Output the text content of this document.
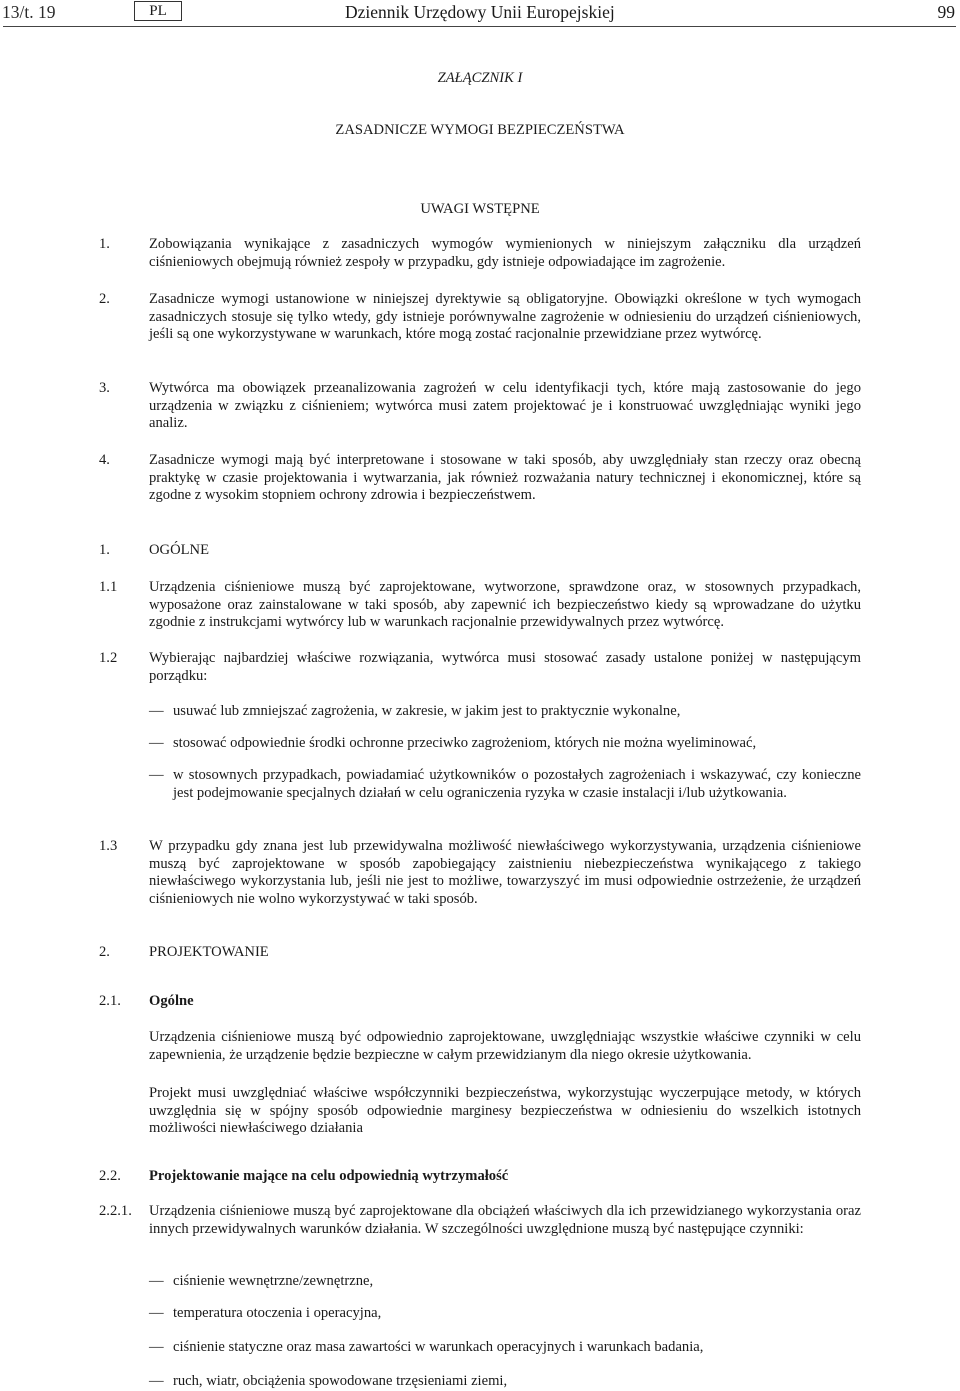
13/t. 19	PL	Dziennik Urzędowy Unii Europejskiej	99
ZAŁĄCZNIK I
ZASADNICZE WYMOGI BEZPIECZEŃSTWA
UWAGI WSTĘPNE
1.	Zobowiązania wynikające z zasadniczych wymogów wymienionych w niniejszym załączniku dla urządzeń ciśnieniowych obejmują również zespoły w przypadku, gdy istnieje odpowiadające im zagrożenie.
2.	Zasadnicze wymogi ustanowione w niniejszej dyrektywie są obligatoryjne. Obowiązki określone w tych wymogach zasadniczych stosuje się tylko wtedy, gdy istnieje porównywalne zagrożenie w odniesieniu do urządzeń ciśnieniowych, jeśli są one wykorzystywane w warunkach, które mogą zostać racjonalnie przewidziane przez wytwórcę.
3.	Wytwórca ma obowiązek przeanalizowania zagrożeń w celu identyfikacji tych, które mają zastosowanie do jego urządzenia w związku z ciśnieniem; wytwórca musi zatem projektować je i konstruować uwzględniając wyniki jego analiz.
4.	Zasadnicze wymogi mają być interpretowane i stosowane w taki sposób, aby uwzględniały stan rzeczy oraz obecną praktykę w czasie projektowania i wytwarzania, jak również rozważania natury technicznej i ekonomicznej, które są zgodne z wysokim stopniem ochrony zdrowia i bezpieczeństwem.
1.	OGÓLNE
1.1 Urządzenia ciśnieniowe muszą być zaprojektowane, wytworzone, sprawdzone oraz, w stosownych przypadkach, wyposażone oraz zainstalowane w taki sposób, aby zapewnić ich bezpieczeństwo kiedy są wprowadzane do użytku zgodnie z instrukcjami wytwórcy lub w warunkach racjonalnie przewidywalnych przez wytwórcę.
1.2 Wybierając najbardziej właściwe rozwiązania, wytwórca musi stosować zasady ustalone poniżej w następującym porządku:
— usuwać lub zmniejszać zagrożenia, w zakresie, w jakim jest to praktycznie wykonalne,
— stosować odpowiednie środki ochronne przeciwko zagrożeniom, których nie można wyeliminować,
— w stosownych przypadkach, powiadamiać użytkowników o pozostałych zagrożeniach i wskazywać, czy konieczne jest podejmowanie specjalnych działań w celu ograniczenia ryzyka w czasie instalacji i/lub użytkowania.
1.3 W przypadku gdy znana jest lub przewidywalna możliwość niewłaściwego wykorzystywania, urządzenia ciśnieniowe muszą być zaprojektowane w sposób zapobiegający zaistnieniu niebezpieczeństwa wynikającego z takiego niewłaściwego wykorzystania lub, jeśli nie jest to możliwe, towarzyszyć im musi odpowiednie ostrzeżenie, że urządzeń ciśnieniowych nie wolno wykorzystywać w taki sposób.
2.	PROJEKTOWANIE
2.1. Ogólne
Urządzenia ciśnieniowe muszą być odpowiednio zaprojektowane, uwzględniając wszystkie właściwe czynniki w celu zapewnienia, że urządzenie będzie bezpieczne w całym przewidzianym dla niego okresie użytkowania.
Projekt musi uwzględniać właściwe współczynniki bezpieczeństwa, wykorzystując wyczerpujące metody, w których uwzględnia się w spójny sposób odpowiednie marginesy bezpieczeństwa w odniesieniu do wszelkich istotnych możliwości niewłaściwego działania
2.2. Projektowanie mające na celu odpowiednią wytrzymałość
2.2.1. Urządzenia ciśnieniowe muszą być zaprojektowane dla obciążeń właściwych dla ich przewidzianego wykorzystania oraz innych przewidywalnych warunków działania. W szczególności uwzględnione muszą być następujące czynniki:
— ciśnienie wewnętrzne/zewnętrzne,
— temperatura otoczenia i operacyjna,
— ciśnienie statyczne oraz masa zawartości w warunkach operacyjnych i warunkach badania,
— ruch, wiatr, obciążenia spowodowane trzęsieniami ziemi,
